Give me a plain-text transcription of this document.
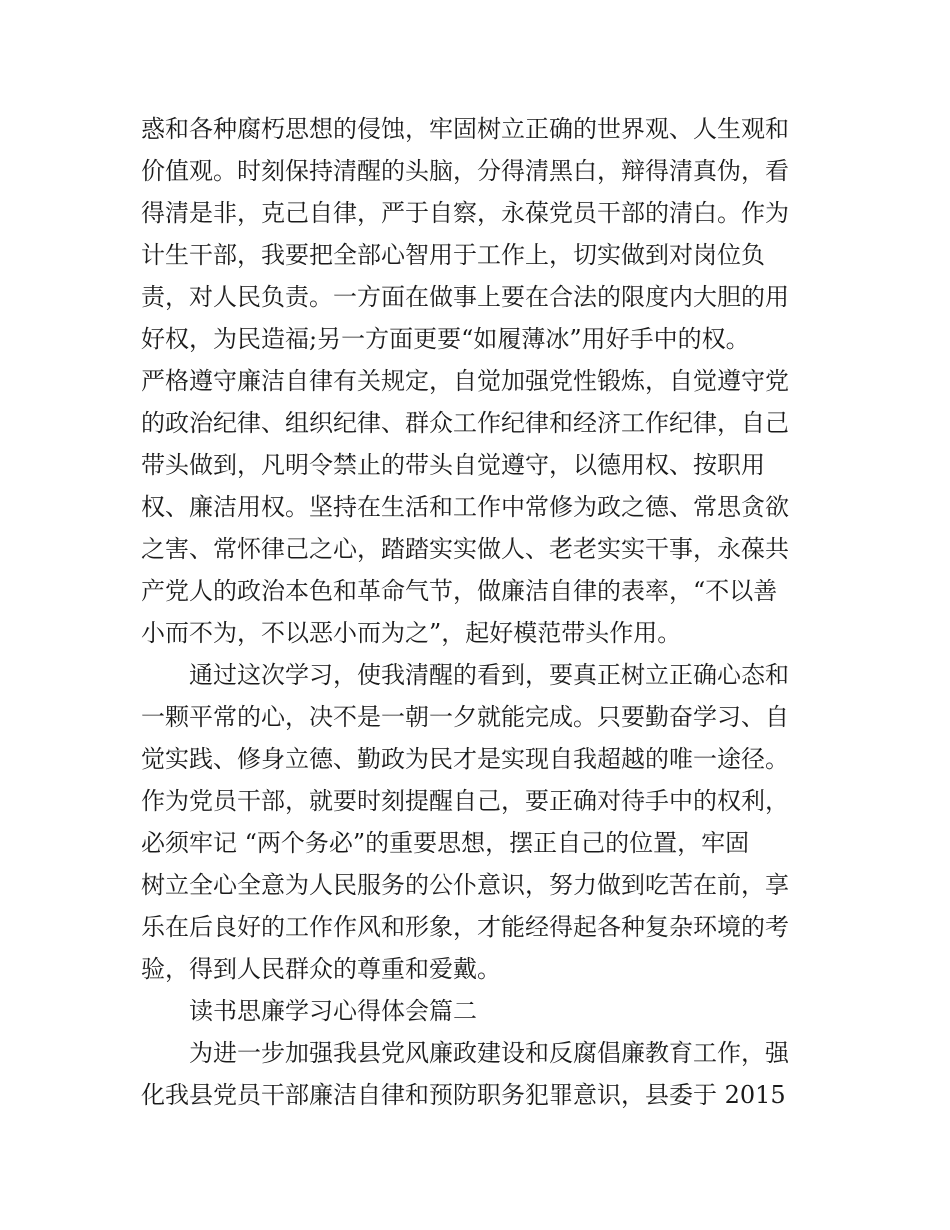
惑和各种腐朽思想的侵蚀，牢固树立正确的世界观、人生观和
价值观。时刻保持清醒的头脑，分得清黑白，辩得清真伪，看
得清是非，克己自律，严于自察，永葆党员干部的清白。作为
计生干部，我要把全部心智用于工作上，切实做到对岗位负
责，对人民负责。一方面在做事上要在合法的限度内大胆的用
好权，为民造福;另一方面更要“如履薄冰”用好手中的权。
严格遵守廉洁自律有关规定，自觉加强党性锻炼，自觉遵守党
的政治纪律、组织纪律、群众工作纪律和经济工作纪律，自己
带头做到，凡明令禁止的带头自觉遵守，以德用权、按职用
权、廉洁用权。坚持在生活和工作中常修为政之德、常思贪欲
之害、常怀律己之心，踏踏实实做人、老老实实干事，永葆共
产党人的政治本色和革命气节，做廉洁自律的表率，“不以善
小而不为，不以恶小而为之”，起好模范带头作用。
　　通过这次学习，使我清醒的看到，要真正树立正确心态和
一颗平常的心，决不是一朝一夕就能完成。只要勤奋学习、自
觉实践、修身立德、勤政为民才是实现自我超越的唯一途径。
作为党员干部，就要时刻提醒自己，要正确对待手中的权利，
必须牢记 “两个务必”的重要思想，摆正自己的位置，牢固
树立全心全意为人民服务的公仆意识，努力做到吃苦在前，享
乐在后良好的工作作风和形象，才能经得起各种复杂环境的考
验，得到人民群众的尊重和爱戴。
　　读书思廉学习心得体会篇二
　　为进一步加强我县党风廉政建设和反腐倡廉教育工作，强
化我县党员干部廉洁自律和预防职务犯罪意识，县委于 2015
